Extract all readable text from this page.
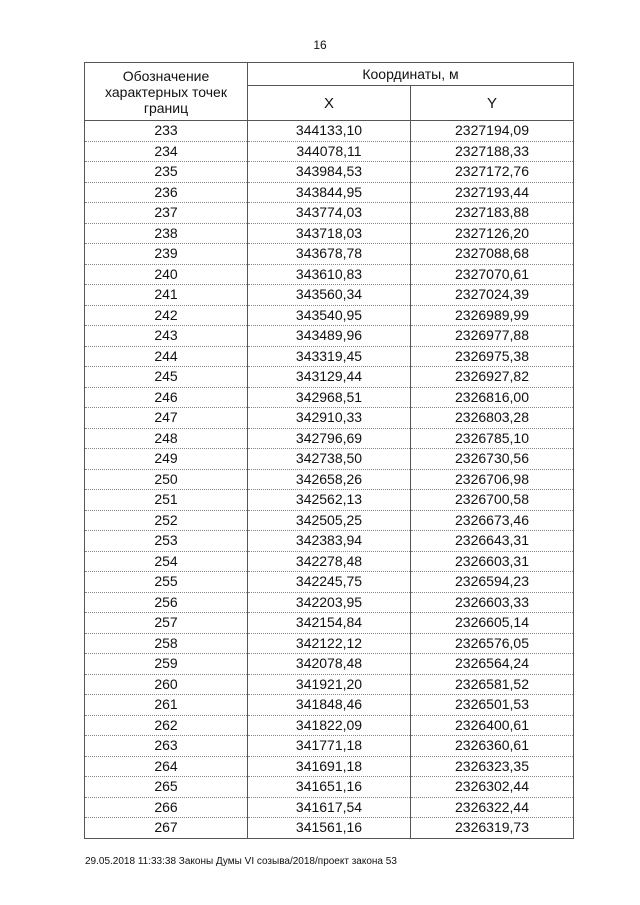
16
Обозначение характерных точек границ	Координаты, м	
	X	Y
233	344133,10	2327194,09
234	344078,11	2327188,33
235	343984,53	2327172,76
236	343844,95	2327193,44
237	343774,03	2327183,88
238	343718,03	2327126,20
239	343678,78	2327088,68
240	343610,83	2327070,61
241	343560,34	2327024,39
242	343540,95	2326989,99
243	343489,96	2326977,88
244	343319,45	2326975,38
245	343129,44	2326927,82
246	342968,51	2326816,00
247	342910,33	2326803,28
248	342796,69	2326785,10
249	342738,50	2326730,56
250	342658,26	2326706,98
251	342562,13	2326700,58
252	342505,25	2326673,46
253	342383,94	2326643,31
254	342278,48	2326603,31
255	342245,75	2326594,23
256	342203,95	2326603,33
257	342154,84	2326605,14
258	342122,12	2326576,05
259	342078,48	2326564,24
260	341921,20	2326581,52
261	341848,46	2326501,53
262	341822,09	2326400,61
263	341771,18	2326360,61
264	341691,18	2326323,35
265	341651,16	2326302,44
266	341617,54	2326322,44
267	341561,16	2326319,73
29.05.2018 11:33:38 Законы Думы VI созыва/2018/проект закона 53
